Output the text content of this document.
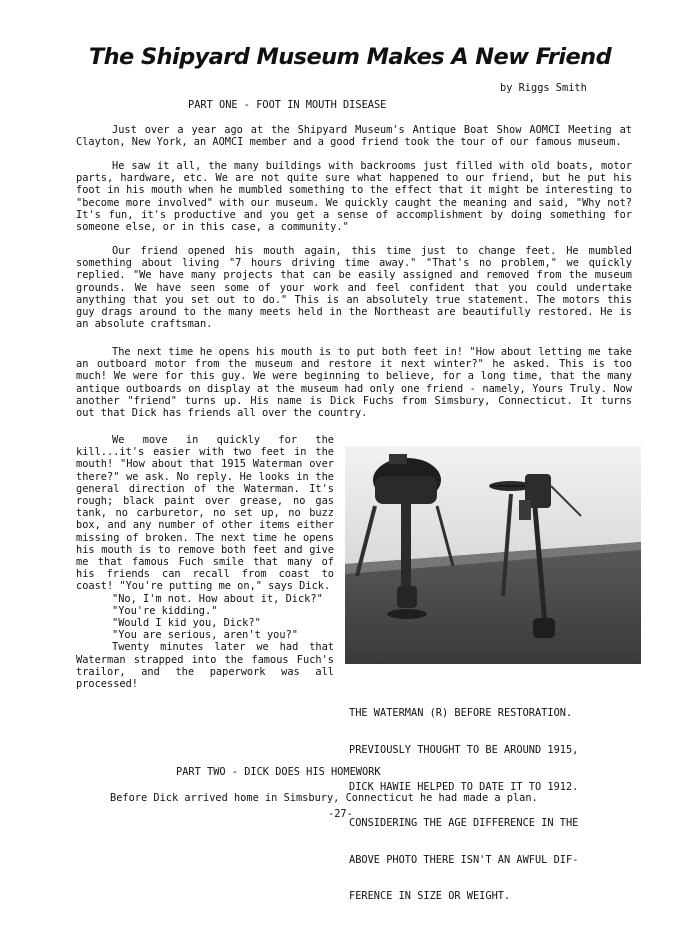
The Shipyard Museum Makes A New Friend
by Riggs Smith
PART ONE - FOOT IN MOUTH DISEASE

Just over a year ago at the Shipyard Museum's Antique Boat Show AOMCI Meeting at Clayton, New York, an AOMCI member and a good friend took the tour of our famous museum.

He saw it all, the many buildings with backrooms just filled with old boats, motor parts, hardware, etc. We are not quite sure what happened to our friend, but he put his foot in his mouth when he mumbled something to the effect that it might be interesting to "become more involved" with our museum. We quickly caught the meaning and said, "Why not? It's fun, it's productive and you get a sense of accomplishment by doing something for someone else, or in this case, a community."

Our friend opened his mouth again, this time just to change feet. He mumbled something about living "7 hours driving time away." "That's no problem," we quickly replied. "We have many projects that can be easily assigned and removed from the museum grounds. We have seen some of your work and feel confident that you could undertake anything that you set out to do." This is an absolutely true statement. The motors this guy drags around to the many meets held in the Northeast are beautifully restored. He is an absolute craftsman.

The next time he opens his mouth is to put both feet in! "How about letting me take an outboard motor from the museum and restore it next winter?" he asked. This is too much! We were for this guy. We were beginning to believe, for a long time, that the many antique outboards on display at the museum had only one friend - namely, Yours Truly. Now another "friend" turns up. His name is Dick Fuchs from Simsbury, Connecticut. It turns out that Dick has friends all over the country.

We move in quickly for the kill...it's easier with two feet in the mouth! "How about that 1915 Waterman over there?" we ask. No reply. He looks in the general direction of the Waterman. It's rough; black paint over grease, no gas tank, no carburetor, no set up, no buzz box, and any number of other items either missing of broken. The next time he opens his mouth is to remove both feet and give me that famous Fuch smile that many of his friends can recall from coast to coast! "You're putting me on," says Dick.

"No, I'm not. How about it, Dick?"

"You're kidding."

"Would I kid you, Dick?"

"You are serious, aren't you?"

Twenty minutes later we had that Waterman strapped into the famous Fuch's trailor, and the paperwork was all processed!

THE WATERMAN (R) BEFORE RESTORATION.

PREVIOUSLY THOUGHT TO BE AROUND 1915,

DICK HAWIE HELPED TO DATE IT TO 1912.

CONSIDERING THE AGE DIFFERENCE IN THE

ABOVE PHOTO THERE ISN'T AN AWFUL DIF-

FERENCE IN SIZE OR WEIGHT.

PART TWO - DICK DOES HIS HOMEWORK
Before Dick arrived home in Simsbury, Connecticut he had made a plan.
-27-
